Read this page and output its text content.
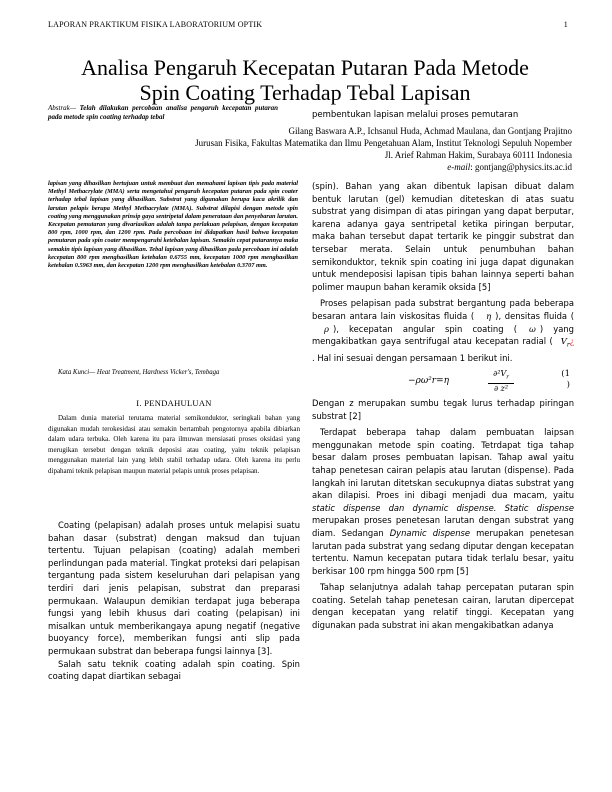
LAPORAN PRAKTIKUM FISIKA LABORATORIUM OPTIK	1
Analisa Pengaruh Kecepatan Putaran Pada Metode
Spin Coating Terhadap Tebal Lapisan
Abstrak— Telah dilakukan percobaan analisa pengaruh kecepatan putaran pada metode spin coating terhadap tebal	pembentukan lapisan melalui proses pemutaran
Gilang Baswara A.P., Ichsanul Huda, Achmad Maulana, dan Gontjang Prajitno
Jurusan Fisika, Fakultas Matematika dan Ilmu Pengetahuan Alam, Institut Teknologi Sepuluh Nopember
Jl. Arief Rahman Hakim, Surabaya 60111 Indonesia
e-mail: gontjang@physics.its.ac.id
lapisan yang dihasilkan bertujuan untuk membuat dan memahami lapisan tipis pada material Methyl Methacrylate (MMA) serta mengetahui pengaruh kecepatan putaran pada spin coater terhadap tebal lapisan yang dihasilkan. Substrat yang digunakan berupa kaca akrilik dan larutan pelapis berupa Methyl Methacrylate (MMA). Substrat dilapisi dengan metode spin coating yang menggunakan prinsip gaya sentripetal dalam penerataan dan penyebaran larutan. Kecepatan pemutaran yang divariasikan adalah tanpa perlakuan pelapisan, dengan kecepatan 800 rpm, 1000 rpm, dan 1200 rpm. Pada percobaan ini didapatkan hasil bahwa kecepatan pemutaran pada spin coater mempengaruhi ketebalan lapisan. Semakin cepat putarannya maka semakin tipis lapisan yang dihasilkan. Tebal lapisan yang dihasilkan pada percobaan ini adalah kecepatan 800 rpm menghasilkan ketebalan 0.6755 mm, kecepatan 1000 rpm menghasilkan ketebalan 0.5963 mm, dan kecepatan 1200 rpm menghasilkan ketebalan 0.3707 mm.
Kata Kunci— Heat Treatment, Hardness Vicker's, Tembaga
I. PENDAHULUAN
Dalam dunia material terutama material semikonduktor, seringkali bahan yang digunakan mudah terokesidasi atau semakin bertambah pengotornya apabila dibiarkan dalam udara terbuka. Oleh karena itu para ilmuwan mensiasati proses oksidasi yang merugikan tersebut dengan teknik deposisi atau coating, yaitu teknik pelapisan menggunakan material lain yang lebih stabil terhadap udara. Oleh karena itu perlu dipahami teknik pelapisan maupun material pelapis untuk proses pelapisan.

Coating (pelapisan) adalah proses untuk melapisi suatu bahan dasar (substrat) dengan maksud dan tujuan tertentu. Tujuan pelapisan (coating) adalah memberi perlindungan pada material. Tingkat proteksi dari pelapisan tergantung pada sistem keseluruhan dari pelapisan yang terdiri dari jenis pelapisan, substrat dan preparasi permukaan. Walaupun demikian terdapat juga beberapa fungsi yang lebih khusus dari coating (pelapisan) ini misalkan untuk memberikangaya apung negatif (negative buoyancy force), memberikan fungsi anti slip pada permukaan substrat dan beberapa fungsi lainnya [3].

Salah satu teknik coating adalah spin coating. Spin coating dapat diartikan sebagai

(spin). Bahan yang akan dibentuk lapisan dibuat dalam bentuk larutan (gel) kemudian diteteskan di atas suatu substrat yang disimpan di atas piringan yang dapat berputar, karena adanya gaya sentripetal ketika piringan berputar, maka bahan tersebut dapat tertarik ke pinggir substrat dan tersebar merata. Selain untuk penumbuhan bahan semikonduktor, teknik spin coating ini juga dapat digunakan untuk mendeposisi lapisan tipis bahan lainnya seperti bahan polimer maupun bahan keramik oksida [5]

Proses pelapisan pada substrat bergantung pada beberapa besaran antara lain viskositas fluida ( η ), densitas fluida (ρ ), kecepatan angular spin coating ( ω ) yang mengakibatkan gaya sentrifugal atau kecepatan radial ( $V_r¿$ . Hal ini sesuai dengan persamaan 1 berikut ini.

−ρω²r=η	$\frac{\partial^2V_r}{\text{∂ z²}}$	(1
)

Dengan z merupakan sumbu tegak lurus terhadap piringan substrat [2]

Terdapat beberapa tahap dalam pembuatan laipsan menggunakan metode spin coating. Tetrdapat tiga tahap besar dalam proses pembuatan lapisan. Tahap awal yaitu tahap penetesan cairan pelapis atau larutan (dispense). Pada langkah ini larutan ditetskan secukupnya diatas substrat yang akan dilapisi. Proes ini dibagi menjadi dua macam, yaitu static dispense dan dynamic dispense. Static dispense merupakan proses penetesan larutan dengan substrat yang diam. Sedangan Dynamic dispense merupakan penetesan larutan pada substrat yang sedang diputar dengan kecepatan tertentu. Namun kecepatan putara tidak terlalu besar, yaitu berkisar 100 rpm hingga 500 rpm [5]

Tahap selanjutnya adalah tahap percepatan putaran spin coating. Setelah tahap penetesan cairan, larutan dipercepat dengan kecepatan yang relatif tinggi. Kecepatan yang digunakan pada substrat ini akan mengakibatkan adanya
